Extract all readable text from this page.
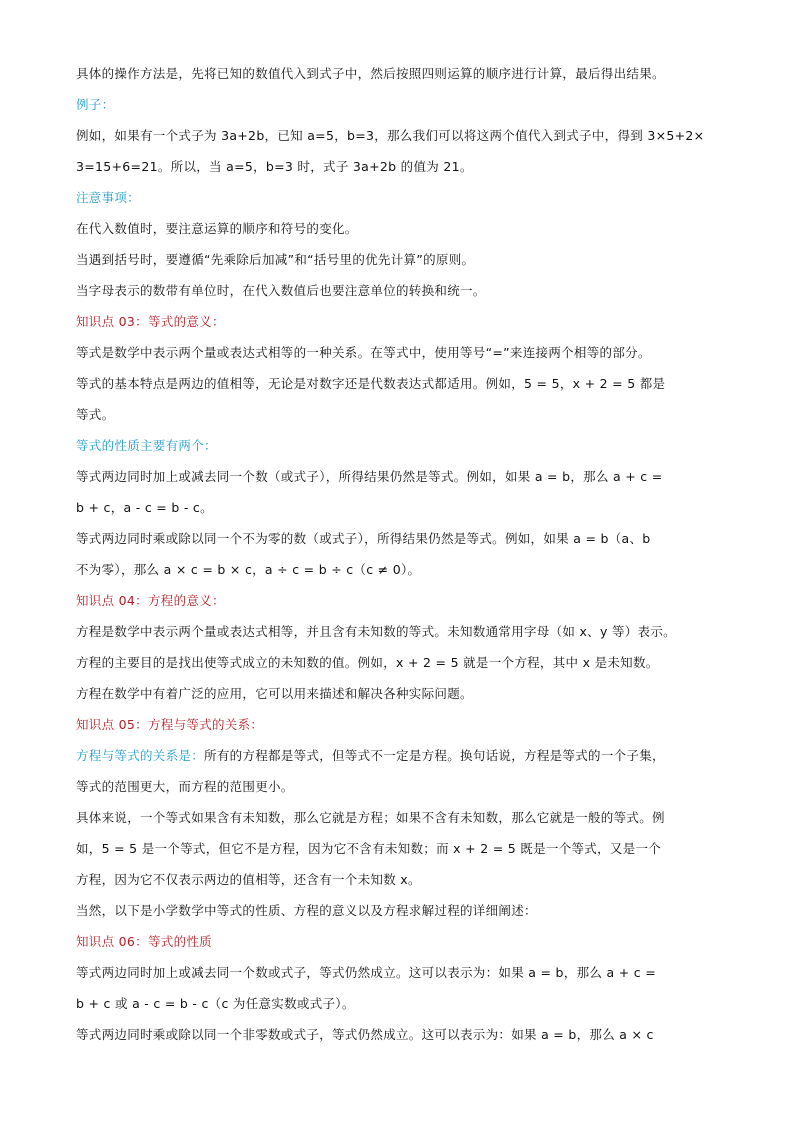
具体的操作方法是，先将已知的数值代入到式子中，然后按照四则运算的顺序进行计算，最后得出结果。
例子：
例如，如果有一个式子为 3a+2b，已知 a=5，b=3，那么我们可以将这两个值代入到式子中，得到 3×5+2×
3=15+6=21。所以，当 a=5，b=3 时，式子 3a+2b 的值为 21。
注意事项：
在代入数值时，要注意运算的顺序和符号的变化。
当遇到括号时，要遵循“先乘除后加减”和“括号里的优先计算”的原则。
当字母表示的数带有单位时，在代入数值后也要注意单位的转换和统一。
知识点 03：等式的意义：
等式是数学中表示两个量或表达式相等的一种关系。在等式中，使用等号“=”来连接两个相等的部分。
等式的基本特点是两边的值相等，无论是对数字还是代数表达式都适用。例如，5 = 5，x + 2 = 5 都是
等式。
等式的性质主要有两个：
等式两边同时加上或减去同一个数（或式子），所得结果仍然是等式。例如，如果 a = b，那么 a + c =
b + c，a - c = b - c。
等式两边同时乘或除以同一个不为零的数（或式子），所得结果仍然是等式。例如，如果 a = b（a、b
不为零），那么 a × c = b × c，a ÷ c = b ÷ c（c ≠ 0）。
知识点 04：方程的意义：
方程是数学中表示两个量或表达式相等，并且含有未知数的等式。未知数通常用字母（如 x、y 等）表示。
方程的主要目的是找出使等式成立的未知数的值。例如，x + 2 = 5 就是一个方程，其中 x 是未知数。
方程在数学中有着广泛的应用，它可以用来描述和解决各种实际问题。
知识点 05：方程与等式的关系：
方程与等式的关系是：所有的方程都是等式，但等式不一定是方程。换句话说，方程是等式的一个子集，
等式的范围更大，而方程的范围更小。
具体来说，一个等式如果含有未知数，那么它就是方程；如果不含有未知数，那么它就是一般的等式。例
如，5 = 5 是一个等式，但它不是方程，因为它不含有未知数；而 x + 2 = 5 既是一个等式，又是一个
方程，因为它不仅表示两边的值相等，还含有一个未知数 x。
当然，以下是小学数学中等式的性质、方程的意义以及方程求解过程的详细阐述：
知识点 06：等式的性质
等式两边同时加上或减去同一个数或式子，等式仍然成立。这可以表示为：如果 a = b，那么 a + c =
b + c 或 a - c = b - c（c 为任意实数或式子）。
等式两边同时乘或除以同一个非零数或式子，等式仍然成立。这可以表示为：如果 a = b，那么 a × c
